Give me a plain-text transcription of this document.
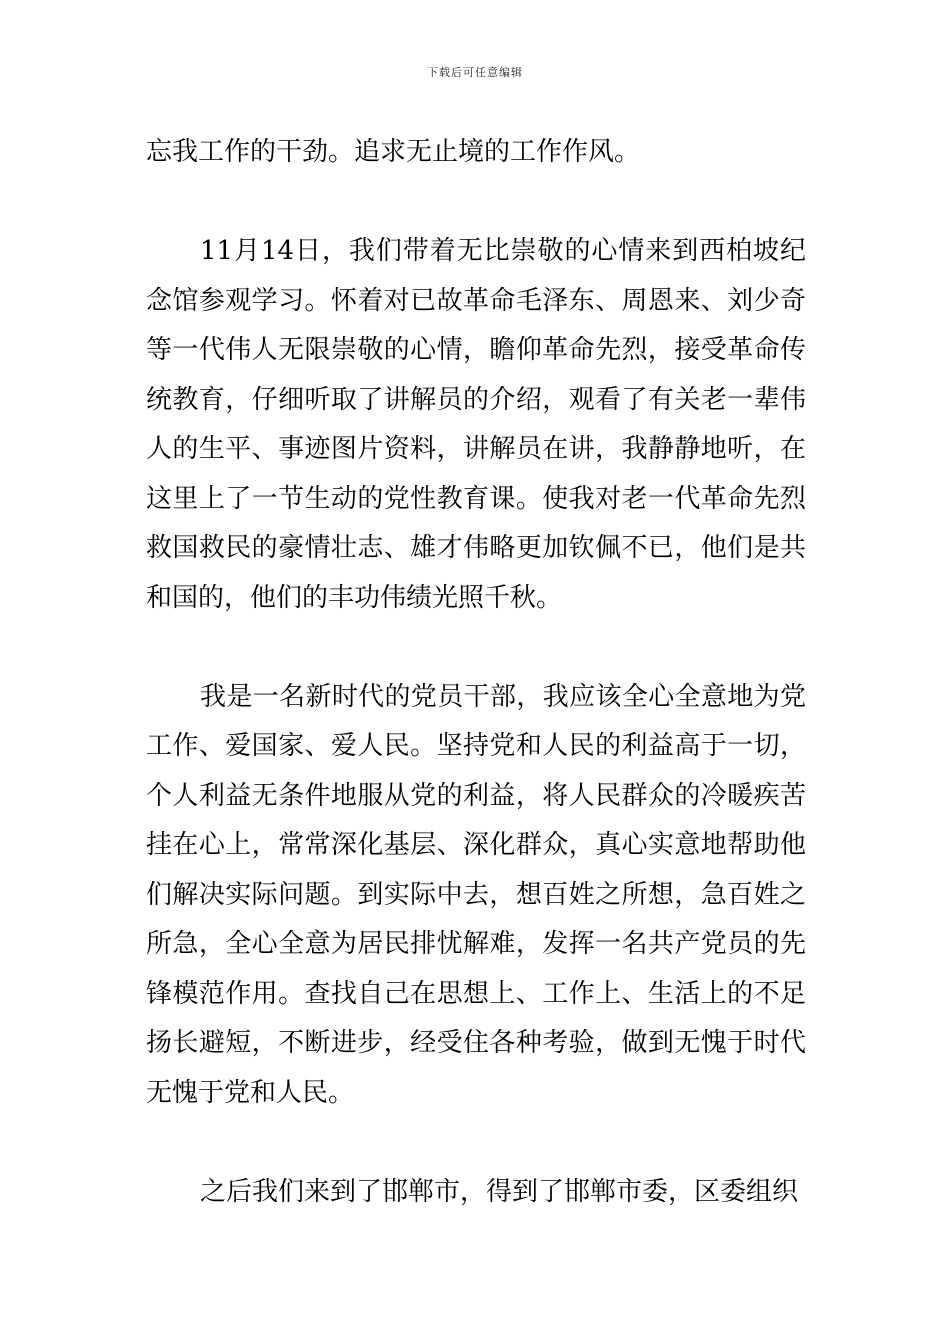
下载后可任意编辑

忘我工作的干劲。追求无止境的工作作风。

11月14日，我们带着无比崇敬的心情来到西柏坡纪念馆参观学习。怀着对已故革命毛泽东、周恩来、刘少奇等一代伟人无限崇敬的心情，瞻仰革命先烈，接受革命传统教育，仔细听取了讲解员的介绍，观看了有关老一辈伟人的生平、事迹图片资料，讲解员在讲，我静静地听，在这里上了一节生动的党性教育课。使我对老一代革命先烈救国救民的豪情壮志、雄才伟略更加钦佩不已，他们是共和国的，他们的丰功伟绩光照千秋。

我是一名新时代的党员干部，我应该全心全意地为党工作、爱国家、爱人民。坚持党和人民的利益高于一切，个人利益无条件地服从党的利益，将人民群众的冷暖疾苦挂在心上，常常深化基层、深化群众，真心实意地帮助他们解决实际问题。到实际中去，想百姓之所想，急百姓之所急，全心全意为居民排忧解难，发挥一名共产党员的先锋模范作用。查找自己在思想上、工作上、生活上的不足扬长避短，不断进步，经受住各种考验，做到无愧于时代无愧于党和人民。

之后我们来到了邯郸市，得到了邯郸市委，区委组织
